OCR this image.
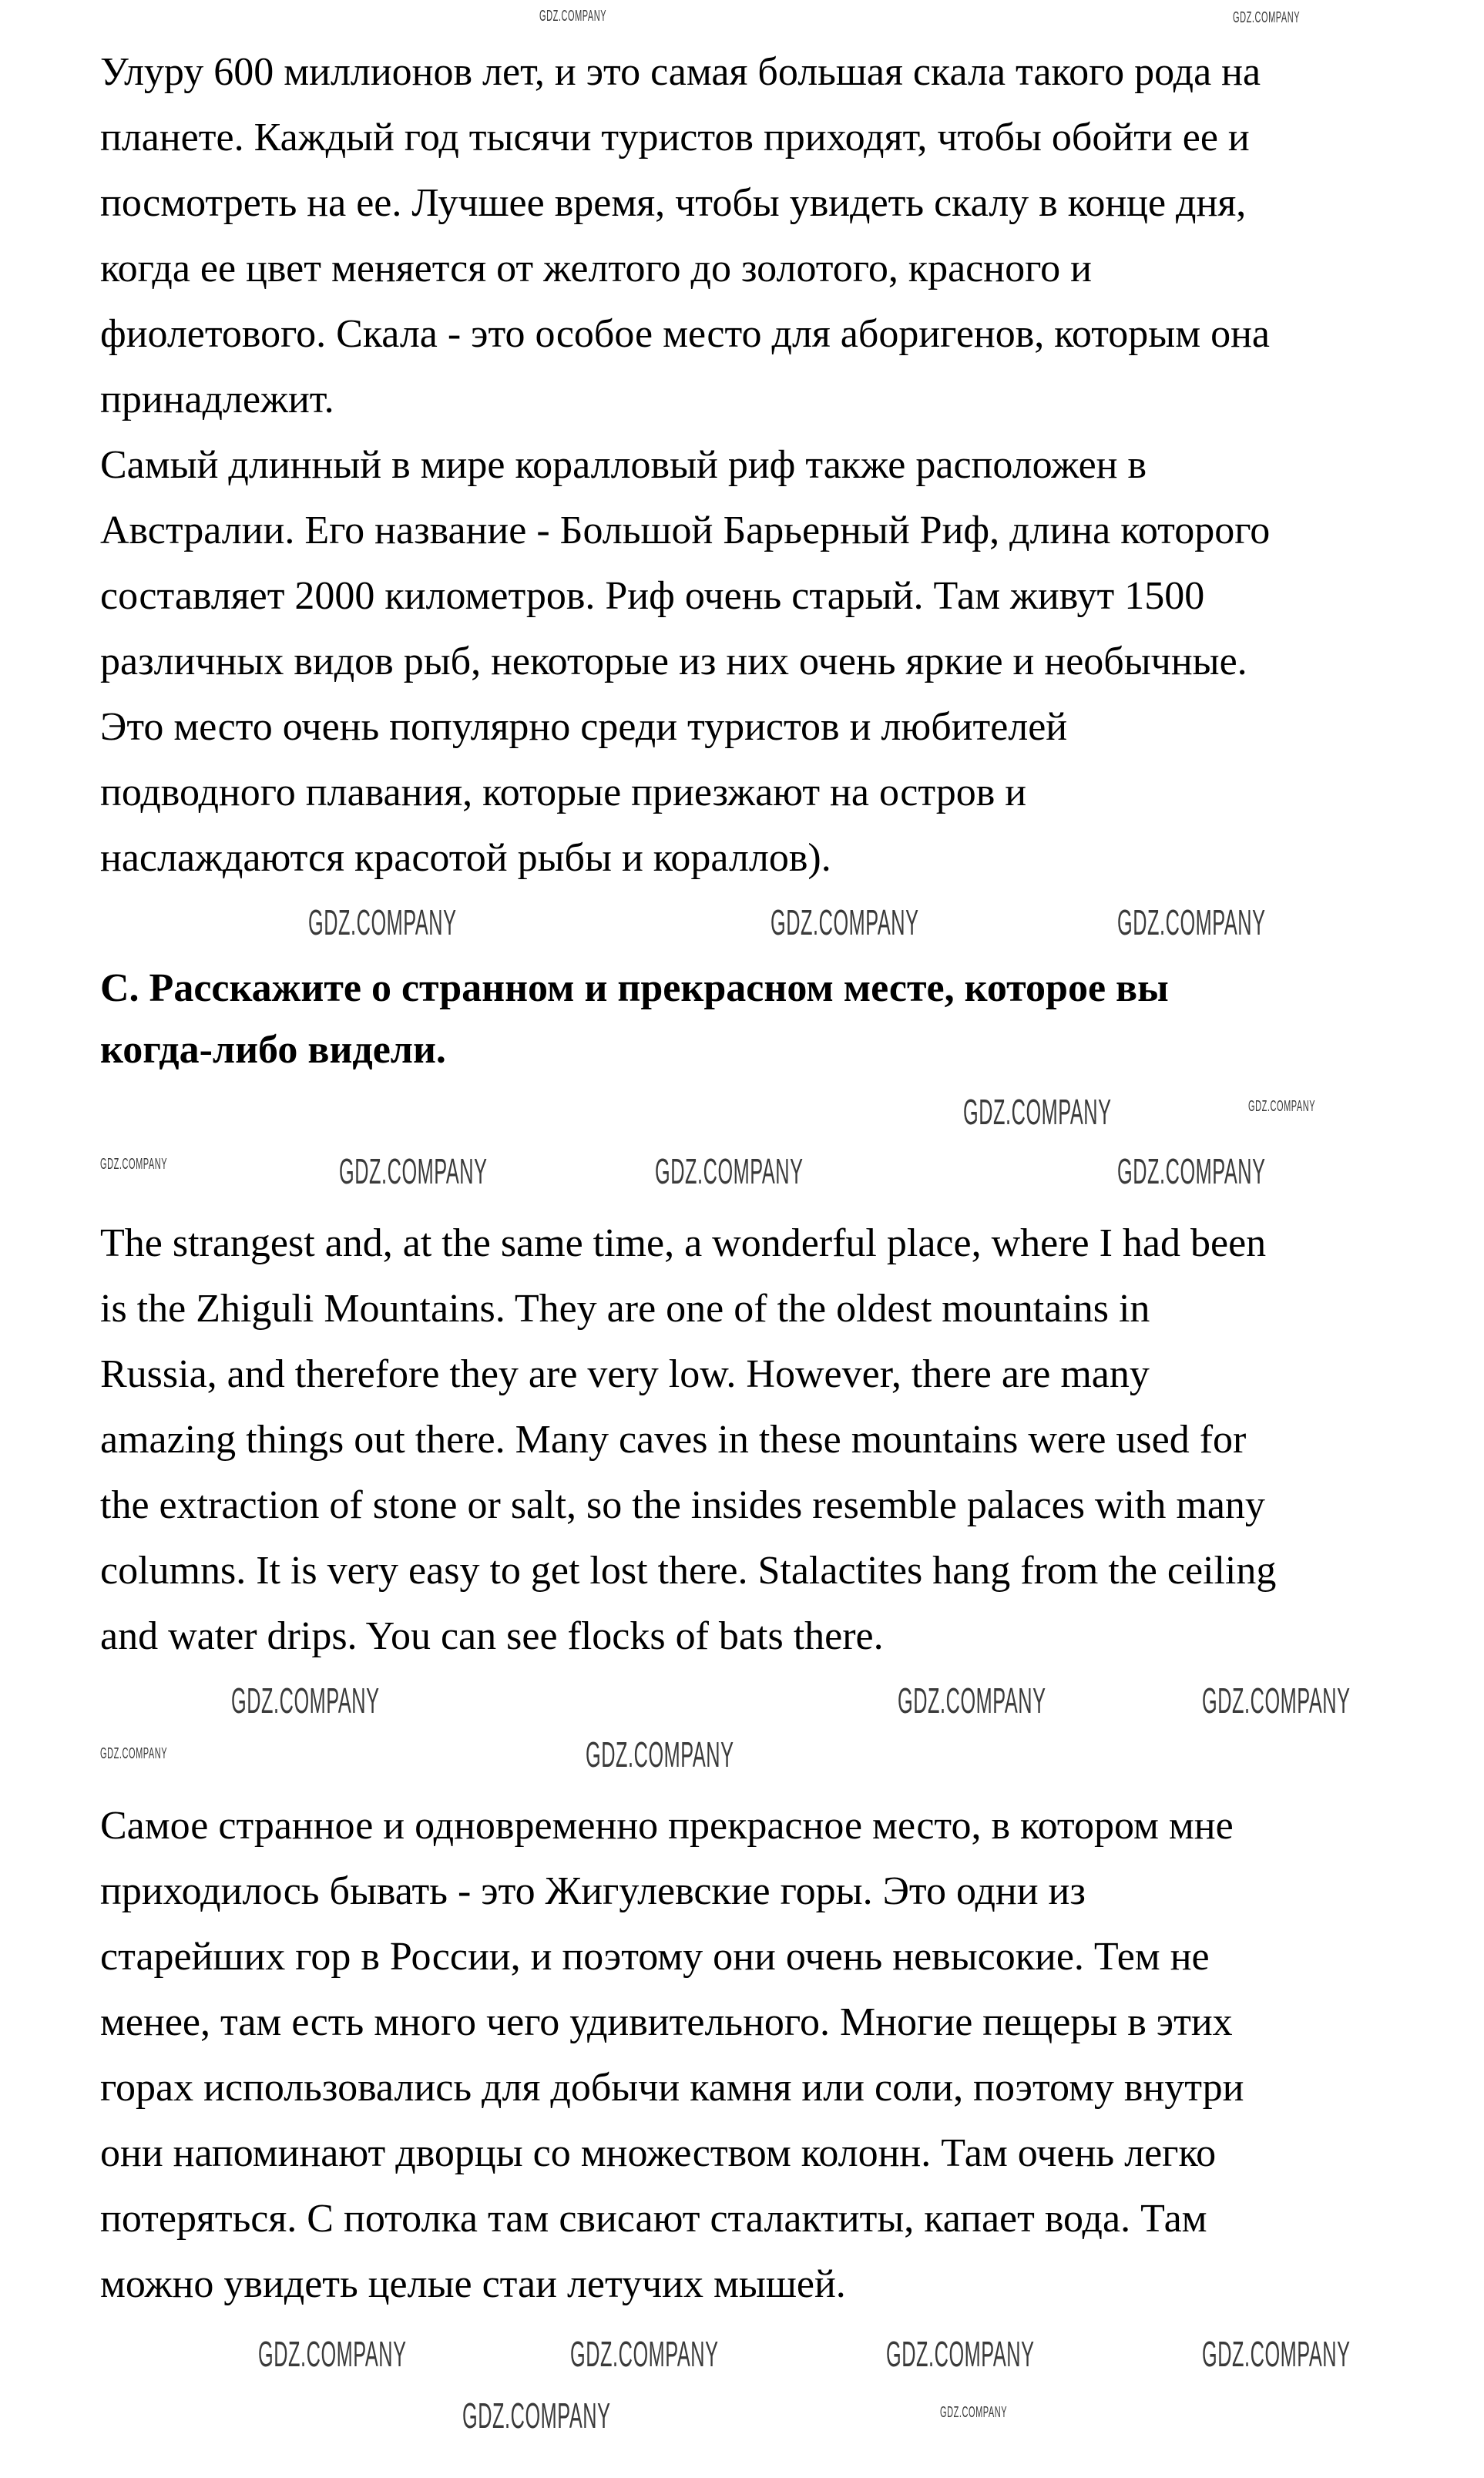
Улуру 600 миллионов лет, и это самая большая скала такого рода на
планете. Каждый год тысячи туристов приходят, чтобы обойти ее и
посмотреть на ее. Лучшее время, чтобы увидеть скалу в конце дня,
когда ее цвет меняется от желтого до золотого, красного и
фиолетового. Скала - это особое место для аборигенов, которым она
принадлежит.
Самый длинный в мире коралловый риф также расположен в
Австралии. Его название - Большой Барьерный Риф, длина которого
составляет 2000 километров. Риф очень старый. Там живут 1500
различных видов рыб, некоторые из них очень яркие и необычные.
Это место очень популярно среди туристов и любителей
подводного плавания, которые приезжают на остров и
наслаждаются красотой рыбы и кораллов).
C. Расскажите о странном и прекрасном месте, которое вы
когда-либо видели.
The strangest and, at the same time, a wonderful place, where I had been
is the Zhiguli Mountains. They are one of the oldest mountains in
Russia, and therefore they are very low. However, there are many
amazing things out there. Many caves in these mountains were used for
the extraction of stone or salt, so the insides resemble palaces with many
columns. It is very easy to get lost there. Stalactites hang from the ceiling
and water drips. You can see flocks of bats there.
Самое странное и одновременно прекрасное место, в котором мне
приходилось бывать - это Жигулевские горы. Это одни из
старейших гор в России, и поэтому они очень невысокие. Тем не
менее, там есть много чего удивительного. Многие пещеры в этих
горах использовались для добычи камня или соли, поэтому внутри
они напоминают дворцы со множеством колонн. Там очень легко
потеряться. С потолка там свисают сталактиты, капает вода. Там
можно увидеть целые стаи летучих мышей.
GDZ.COMPANY
GDZ.COMPANY
GDZ.COMPANY	GDZ.COMPANY	GDZ.COMPANY
GDZ.COMPANY	GDZ.COMPANY
GDZ.COMPANY	GDZ.COMPANY	GDZ.COMPANY	GDZ.COMPANY
GDZ.COMPANY	GDZ.COMPANY	GDZ.COMPANY
GDZ.COMPANY
GDZ.COMPANY
GDZ.COMPANY	GDZ.COMPANY	GDZ.COMPANY	GDZ.COMPANY
GDZ.COMPANY	GDZ.COMPANY
